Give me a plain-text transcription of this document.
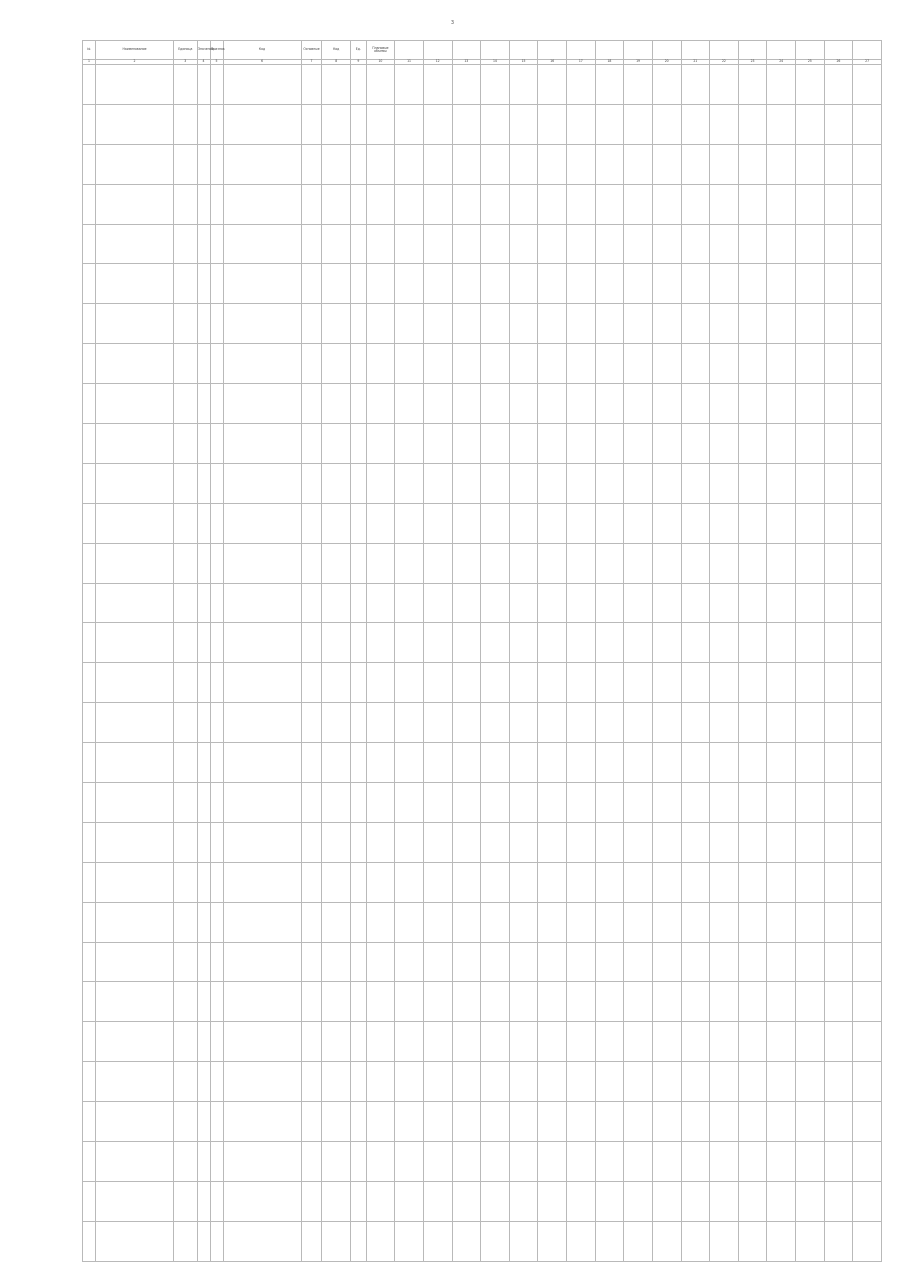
3
№	Наименование	Единица	Значения	Признак	Код	Основные	Код	Ед.	Плановые объемы																	
1	2	3	4	5	6	7	8	9	10	11	12	13	14	15	16	17	18	19	20	21	22	23	24	25	26	27
